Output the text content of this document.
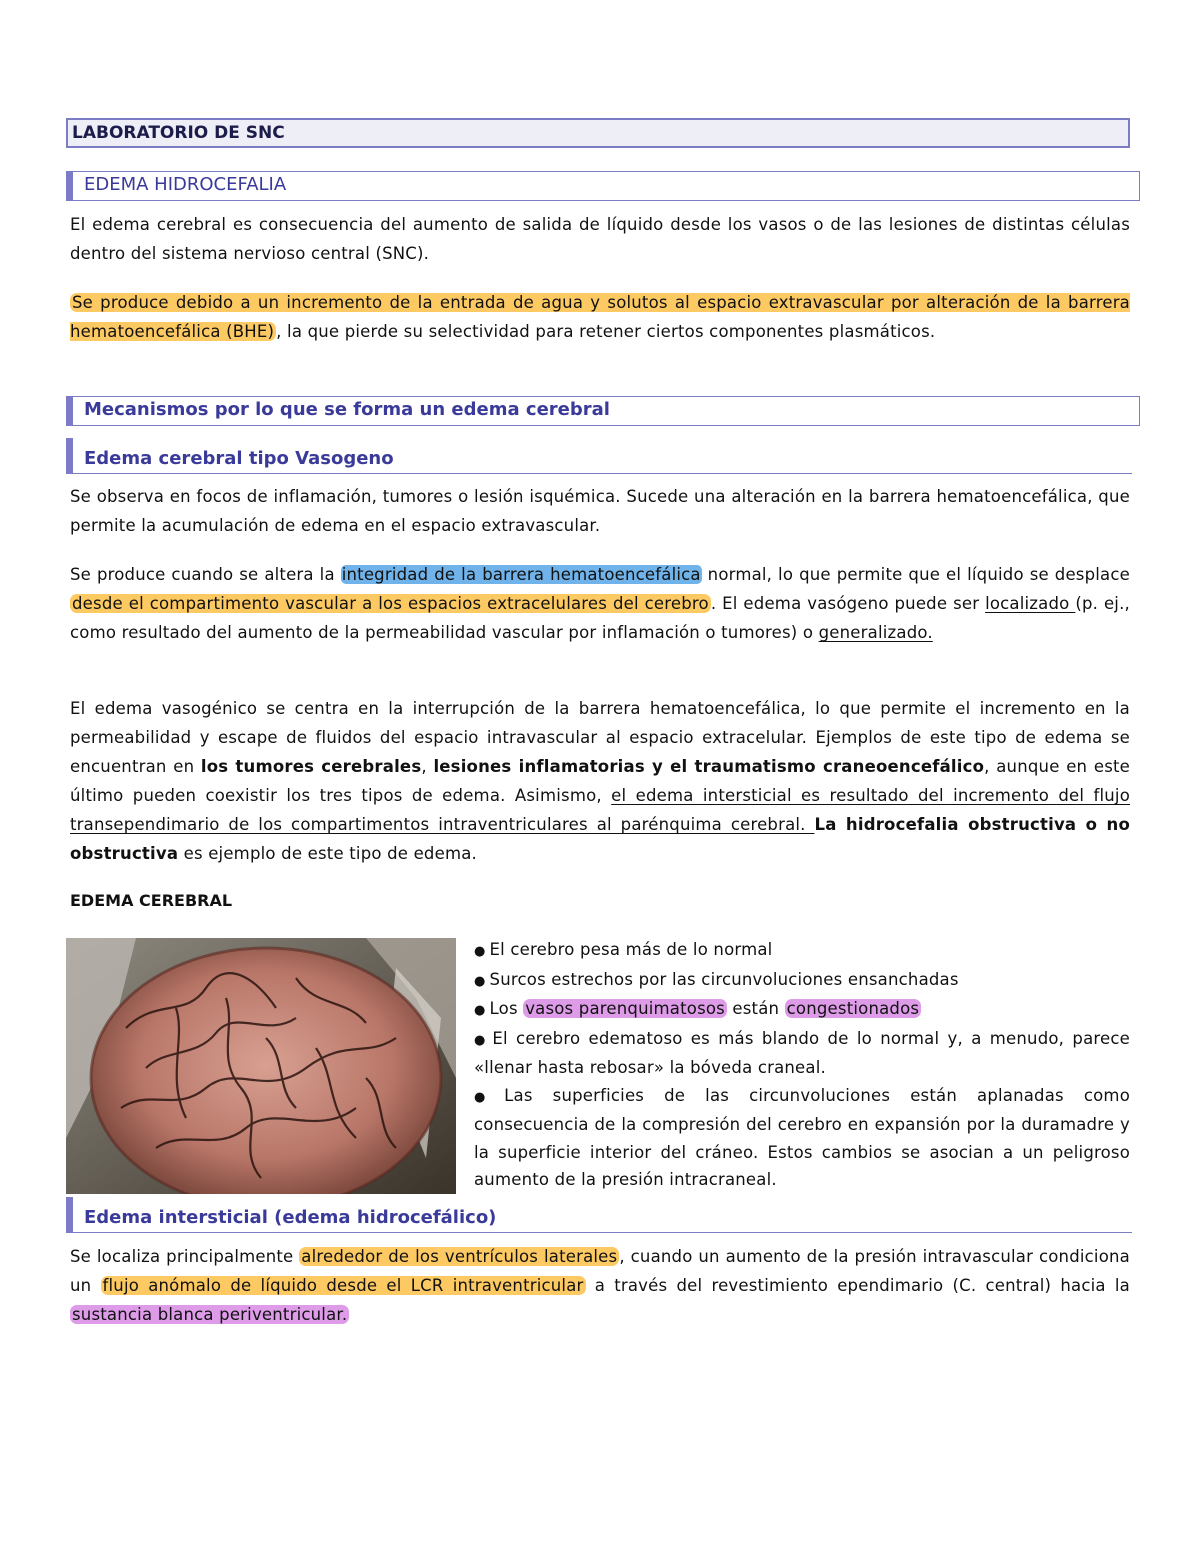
LABORATORIO DE SNC
EDEMA HIDROCEFALIA
El edema cerebral es consecuencia del aumento de salida de líquido desde los vasos o de las lesiones de distintas células dentro del sistema nervioso central (SNC).
Se produce debido a un incremento de la entrada de agua y solutos al espacio extravascular por alteración de la barrera hematoencefálica (BHE) , la que pierde su selectividad para retener ciertos componentes plasmáticos.
Mecanismos por lo que se forma un edema cerebral
Edema cerebral tipo Vasogeno
Se observa en focos de inflamación, tumores o lesión isquémica. Sucede una alteración en la barrera hematoencefálica, que permite la acumulación de edema en el espacio extravascular.
Se produce cuando se altera la integridad de la barrera hematoencefálica normal, lo que permite que el líquido se desplace desde el compartimento vascular a los espacios extracelulares del cerebro . El edema vasógeno puede ser localizado (p. ej., como resultado del aumento de la permeabilidad vascular por inflamación o tumores) o generalizado.
El edema vasogénico se centra en la interrupción de la barrera hematoencefálica, lo que permite el incremento en la permeabilidad y escape de fluidos del espacio intravascular al espacio extracelular. Ejemplos de este tipo de edema se encuentran en los tumores cerebrales, lesiones inflamatorias y el traumatismo craneoencefálico, aunque en este último pueden coexistir los tres tipos de edema. Asimismo, el edema intersticial es resultado del incremento del flujo transependimario de los compartimentos intraventriculares al parénquima cerebral. La hidrocefalia obstructiva o no obstructiva es ejemplo de este tipo de edema.
EDEMA CEREBRAL
● El cerebro pesa más de lo normal
● Surcos estrechos por las circunvoluciones ensanchadas
● Los vasos parenquimatosos están congestionados
● El cerebro edematoso es más blando de lo normal y, a menudo, parece «llenar hasta rebosar» la bóveda craneal.
● Las superficies de las circunvoluciones están aplanadas como consecuencia de la compresión del cerebro en expansión por la duramadre y la superficie interior del cráneo. Estos cambios se asocian a un peligroso aumento de la presión intracraneal.
Edema intersticial (edema hidrocefálico)
Se localiza principalmente alrededor de los ventrículos laterales , cuando un aumento de la presión intravascular condiciona un flujo anómalo de líquido desde el LCR intraventricular a través del revestimiento ependimario (C. central) hacia la sustancia blanca periventricular.
